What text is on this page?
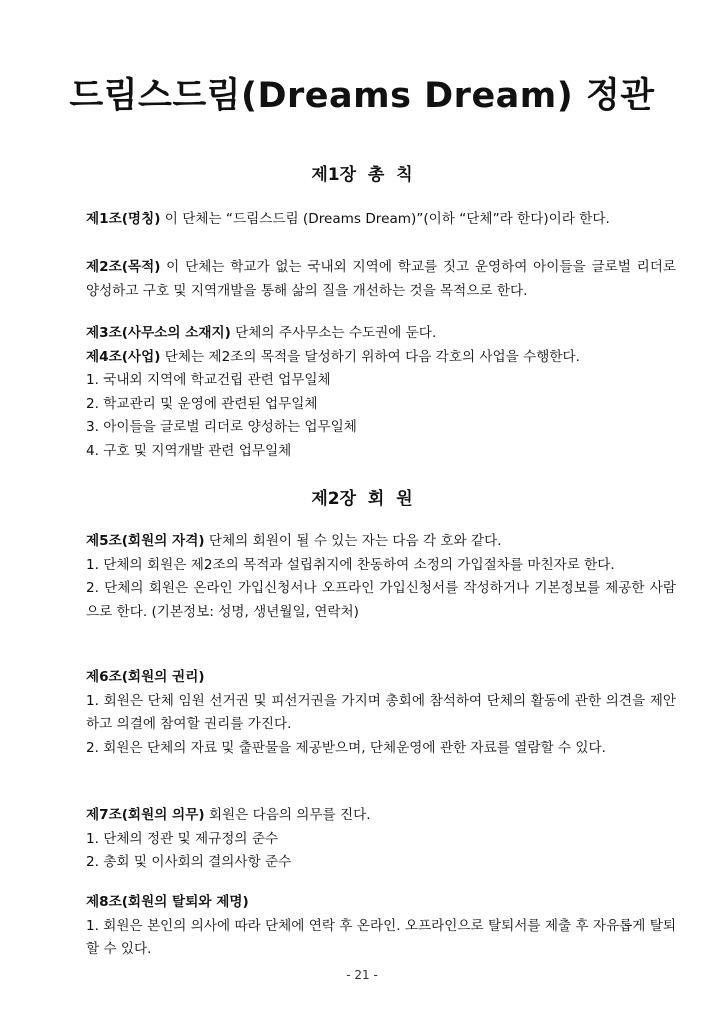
드림스드림(Dreams Dream) 정관
제1장 총 칙

제1조(명칭) 이 단체는 “드림스드림 (Dreams Dream)”(이하 “단체”라 한다)이라 한다.

제2조(목적) 이 단체는 학교가 없는 국내외 지역에 학교를 짓고 운영하여 아이들을 글로벌 리더로 양성하고 구호 및 지역개발을 통해 삶의 질을 개선하는 것을 목적으로 한다.

제3조(사무소의 소재지) 단체의 주사무소는 수도권에 둔다.

제4조(사업) 단체는 제2조의 목적을 달성하기 위하여 다음 각호의 사업을 수행한다.

1. 국내외 지역에 학교건립 관련 업무일체

2. 학교관리 및 운영에 관련된 업무일체

3. 아이들을 글로벌 리더로 양성하는 업무일체

4. 구호 및 지역개발 관련 업무일체

제2장 회 원

제5조(회원의 자격) 단체의 회원이 될 수 있는 자는 다음 각 호와 같다.

1. 단체의 회원은 제2조의 목적과 설립취지에 찬동하여 소정의 가입절차를 마친자로 한다.

2. 단체의 회원은 온라인 가입신청서나 오프라인 가입신청서를 작성하거나 기본정보를 제공한 사람으로 한다. (기본정보: 성명, 생년월일, 연락처)

제6조(회원의 권리)

1. 회원은 단체 임원 선거권 및 피선거권을 가지며 총회에 참석하여 단체의 활동에 관한 의견을 제안하고 의결에 참여할 권리를 가진다.

2. 회원은 단체의 자료 및 출판물을 제공받으며, 단체운영에 관한 자료를 열람할 수 있다.

제7조(회원의 의무) 회원은 다음의 의무를 진다.

1. 단체의 정관 및 제규정의 준수

2. 총회 및 이사회의 결의사항 준수

제8조(회원의 탈퇴와 제명)

1. 회원은 본인의 의사에 따라 단체에 연락 후 온라인. 오프라인으로 탈퇴서를 제출 후 자유롭게 탈퇴할 수 있다.

- 21 -
